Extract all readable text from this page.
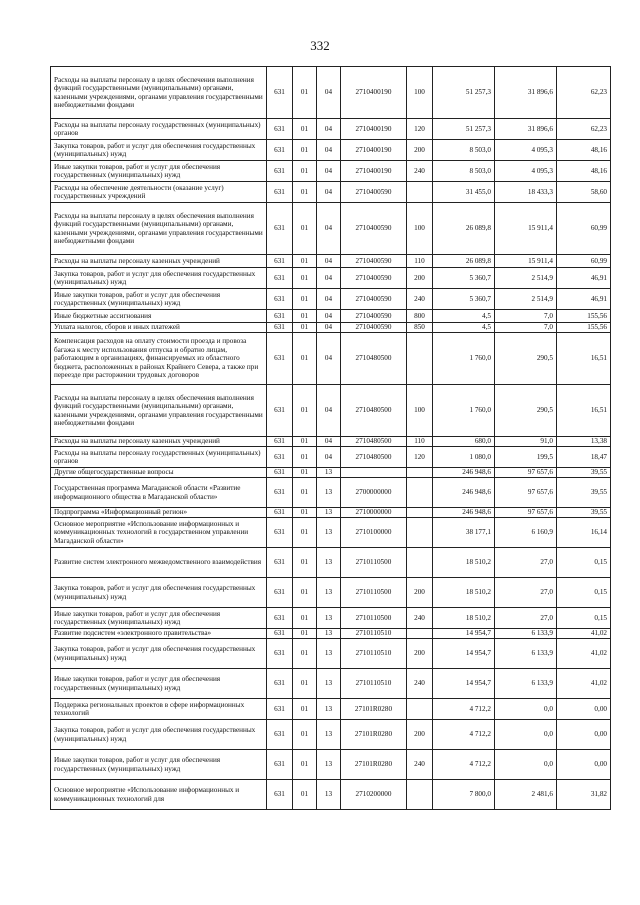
332
Расходы на выплаты персоналу в целях обеспечения выполнения функций государственными (муниципальными) органами, казенными учреждениями, органами управления государственными внебюджетными фондами	631	01	04	2710400190	100	51 257,3	31 896,6	62,23
Расходы на выплаты персоналу государственных (муниципальных) органов	631	01	04	2710400190	120	51 257,3	31 896,6	62,23
Закупка товаров, работ и услуг для обеспечения государственных (муниципальных) нужд	631	01	04	2710400190	200	8 503,0	4 095,3	48,16
Иные закупки товаров, работ и услуг для обеспечения государственных (муниципальных) нужд	631	01	04	2710400190	240	8 503,0	4 095,3	48,16
Расходы на обеспечение деятельности (оказание услуг) государственных учреждений	631	01	04	2710400590		31 455,0	18 433,3	58,60
Расходы на выплаты персоналу в целях обеспечения выполнения функций государственными (муниципальными) органами, казенными учреждениями, органами управления государственными внебюджетными фондами	631	01	04	2710400590	100	26 089,8	15 911,4	60,99
Расходы на выплаты персоналу казенных учреждений	631	01	04	2710400590	110	26 089,8	15 911,4	60,99
Закупка товаров, работ и услуг для обеспечения государственных (муниципальных) нужд	631	01	04	2710400590	200	5 360,7	2 514,9	46,91
Иные закупки товаров, работ и услуг для обеспечения государственных (муниципальных) нужд	631	01	04	2710400590	240	5 360,7	2 514,9	46,91
Иные бюджетные ассигнования	631	01	04	2710400590	800	4,5	7,0	155,56
Уплата налогов, сборов и иных платежей	631	01	04	2710400590	850	4,5	7,0	155,56
Компенсация расходов на оплату стоимости проезда и провоза багажа к месту использования отпуска и обратно лицам, работающим в организациях, финансируемых из областного бюджета, расположенных в районах Крайнего Севера, а также при переезде при расторжении трудовых договоров	631	01	04	2710480500		1 760,0	290,5	16,51
Расходы на выплаты персоналу в целях обеспечения выполнения функций государственными (муниципальными) органами, казенными учреждениями, органами управления государственными внебюджетными фондами	631	01	04	2710480500	100	1 760,0	290,5	16,51
Расходы на выплаты персоналу казенных учреждений	631	01	04	2710480500	110	680,0	91,0	13,38
Расходы на выплаты персоналу государственных (муниципальных) органов	631	01	04	2710480500	120	1 080,0	199,5	18,47
Другие общегосударственные вопросы	631	01	13			246 948,6	97 657,6	39,55
Государственная программа Магаданской области «Развитие информационного общества в Магаданской области»	631	01	13	2700000000		246 948,6	97 657,6	39,55
Подпрограмма «Информационный регион»	631	01	13	2710000000		246 948,6	97 657,6	39,55
Основное мероприятие «Использование информационных и коммуникационных технологий в государственном управлении Магаданской области»	631	01	13	2710100000		38 177,1	6 160,9	16,14
Развитие систем электронного межведомственного взаимодействия	631	01	13	2710110500		18 510,2	27,0	0,15
Закупка товаров, работ и услуг для обеспечения государственных (муниципальных) нужд	631	01	13	2710110500	200	18 510,2	27,0	0,15
Иные закупки товаров, работ и услуг для обеспечения государственных (муниципальных) нужд	631	01	13	2710110500	240	18 510,2	27,0	0,15
Развитие подсистем «электронного правительства»	631	01	13	2710110510		14 954,7	6 133,9	41,02
Закупка товаров, работ и услуг для обеспечения государственных (муниципальных) нужд	631	01	13	2710110510	200	14 954,7	6 133,9	41,02
Иные закупки товаров, работ и услуг для обеспечения государственных (муниципальных) нужд	631	01	13	2710110510	240	14 954,7	6 133,9	41,02
Поддержка региональных проектов в сфере информационных технологий	631	01	13	27101R0280		4 712,2	0,0	0,00
Закупка товаров, работ и услуг для обеспечения государственных (муниципальных) нужд	631	01	13	27101R0280	200	4 712,2	0,0	0,00
Иные закупки товаров, работ и услуг для обеспечения государственных (муниципальных) нужд	631	01	13	27101R0280	240	4 712,2	0,0	0,00
Основное мероприятие «Использование информационных и коммуникационных технологий для	631	01	13	2710200000		7 800,0	2 481,6	31,82
